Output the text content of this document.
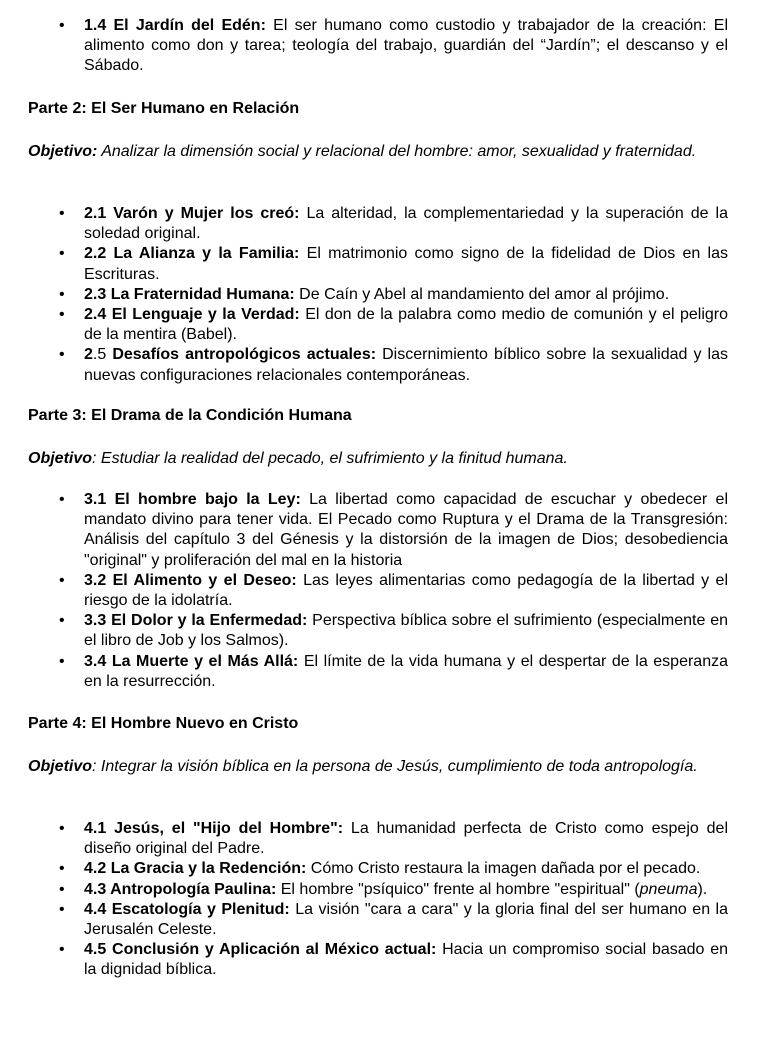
• 1.4 El Jardín del Edén: El ser humano como custodio y trabajador de la creación: El alimento como don y tarea; teología del trabajo, guardián del “Jardín”; el descanso y el Sábado.
Parte 2: El Ser Humano en Relación
Objetivo: Analizar la dimensión social y relacional del hombre: amor, sexualidad y fraternidad.
• 2.1 Varón y Mujer los creó: La alteridad, la complementariedad y la superación de la soledad original.
• 2.2 La Alianza y la Familia: El matrimonio como signo de la fidelidad de Dios en las Escrituras.
• 2.3 La Fraternidad Humana: De Caín y Abel al mandamiento del amor al prójimo.
• 2.4 El Lenguaje y la Verdad: El don de la palabra como medio de comunión y el peligro de la mentira (Babel).
• 2.5 Desafíos antropológicos actuales: Discernimiento bíblico sobre la sexualidad y las nuevas configuraciones relacionales contemporáneas.
Parte 3: El Drama de la Condición Humana
Objetivo: Estudiar la realidad del pecado, el sufrimiento y la finitud humana.
• 3.1 El hombre bajo la Ley: La libertad como capacidad de escuchar y obedecer el mandato divino para tener vida. El Pecado como Ruptura y el Drama de la Transgresión: Análisis del capítulo 3 del Génesis y la distorsión de la imagen de Dios; desobediencia "original" y proliferación del mal en la historia
• 3.2 El Alimento y el Deseo: Las leyes alimentarias como pedagogía de la libertad y el riesgo de la idolatría.
• 3.3 El Dolor y la Enfermedad: Perspectiva bíblica sobre el sufrimiento (especialmente en el libro de Job y los Salmos).
• 3.4 La Muerte y el Más Allá: El límite de la vida humana y el despertar de la esperanza en la resurrección.
Parte 4: El Hombre Nuevo en Cristo
Objetivo: Integrar la visión bíblica en la persona de Jesús, cumplimiento de toda antropología.
• 4.1 Jesús, el "Hijo del Hombre": La humanidad perfecta de Cristo como espejo del diseño original del Padre.
• 4.2 La Gracia y la Redención: Cómo Cristo restaura la imagen dañada por el pecado.
• 4.3 Antropología Paulina: El hombre "psíquico" frente al hombre "espiritual" (pneuma).
• 4.4 Escatología y Plenitud: La visión "cara a cara" y la gloria final del ser humano en la Jerusalén Celeste.
• 4.5 Conclusión y Aplicación al México actual: Hacia un compromiso social basado en la dignidad bíblica.
